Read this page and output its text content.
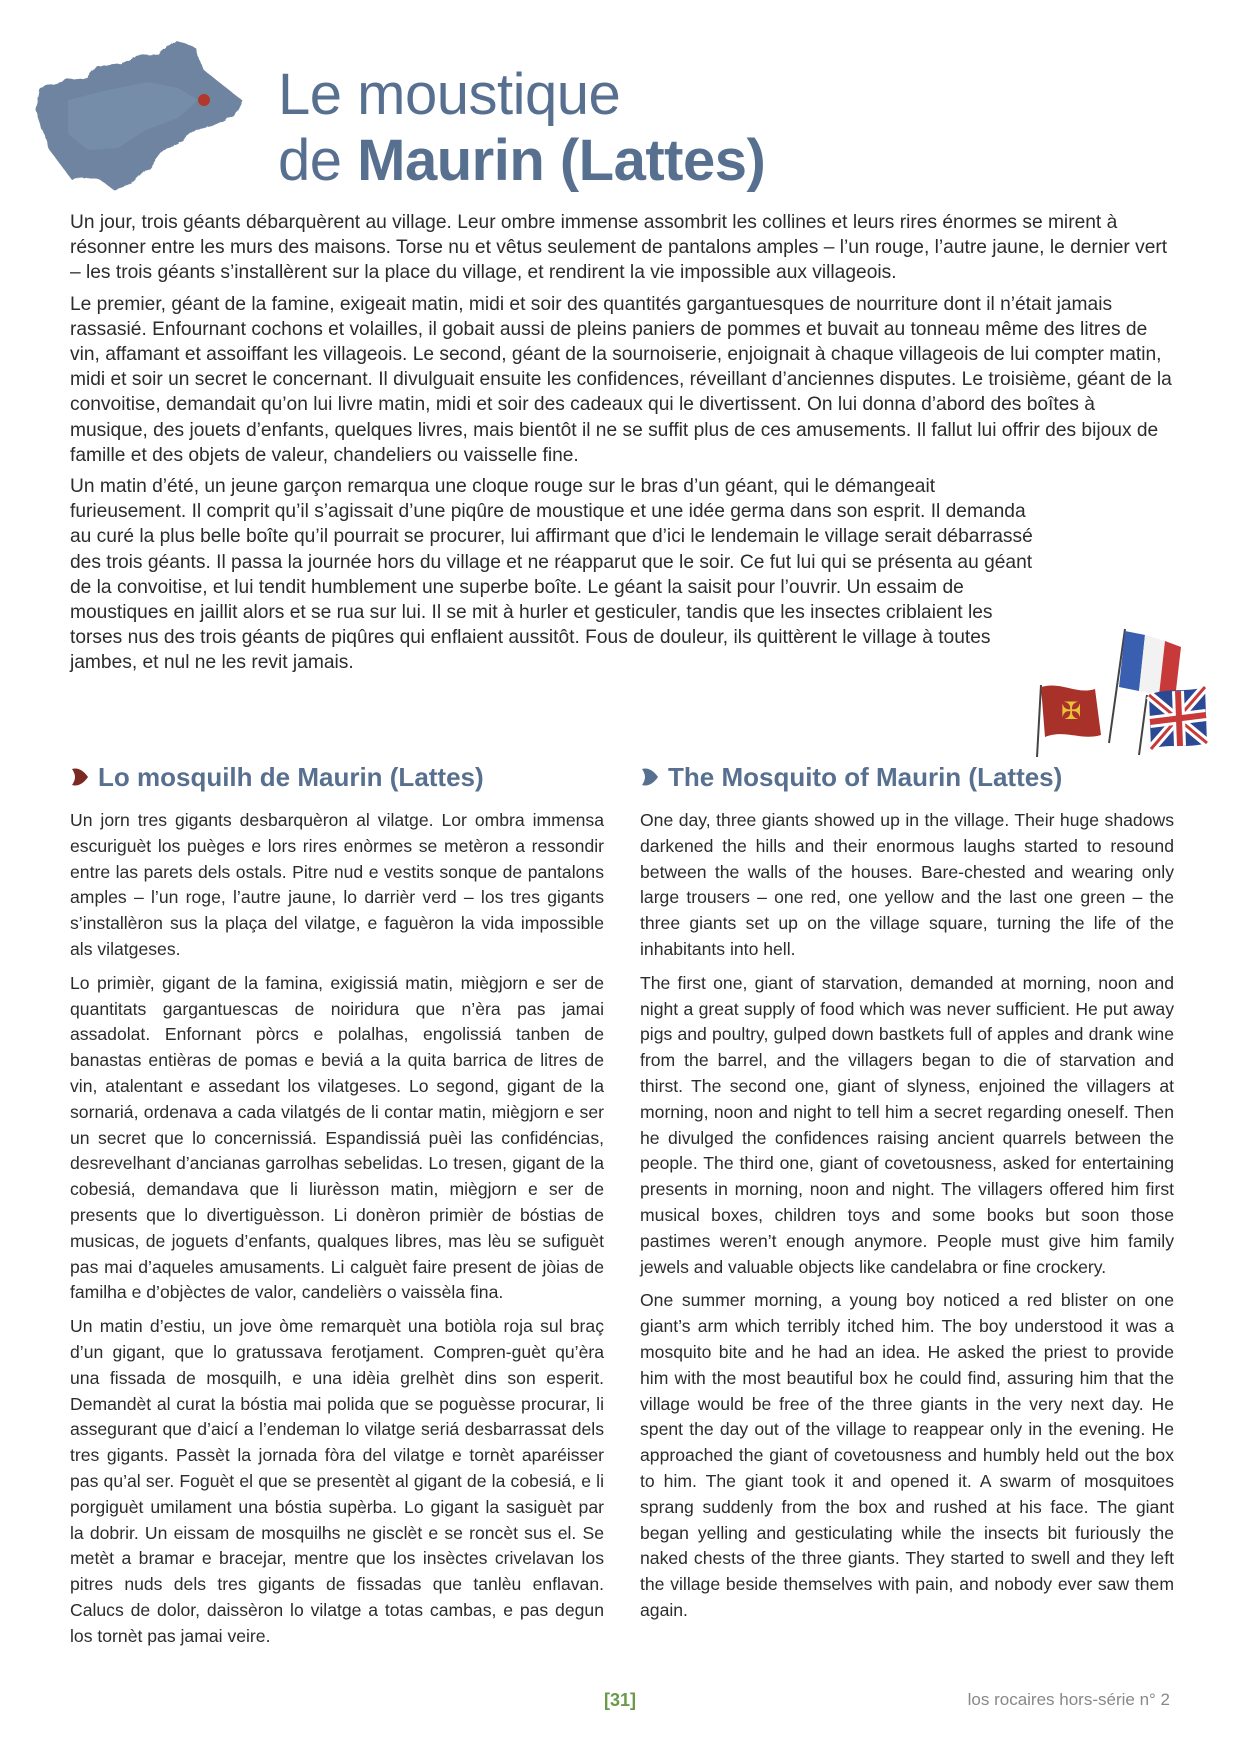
Le moustique
de Maurin (Lattes)

Un jour, trois géants débarquèrent au village. Leur ombre immense assombrit les collines et leurs rires énormes se mirent à résonner entre les murs des maisons. Torse nu et vêtus seulement de pantalons amples – l’un rouge, l’autre jaune, le dernier vert – les trois géants s’installèrent sur la place du village, et rendirent la vie impossible aux villageois.

Le premier, géant de la famine, exigeait matin, midi et soir des quantités gargantuesques de nourriture dont il n’était jamais rassasié. Enfournant cochons et volailles, il gobait aussi de pleins paniers de pommes et buvait au tonneau même des litres de vin, affamant et assoiffant les villageois. Le second, géant de la sournoiserie, enjoignait à chaque villageois de lui compter matin, midi et soir un secret le concernant. Il divulguait ensuite les confidences, réveillant d’anciennes disputes. Le troisième, géant de la convoitise, demandait qu’on lui livre matin, midi et soir des cadeaux qui le divertissent. On lui donna d’abord des boîtes à musique, des jouets d’enfants, quelques livres, mais bientôt il ne se suffit plus de ces amusements. Il fallut lui offrir des bijoux de famille et des objets de valeur, chandeliers ou vaisselle fine.

Un matin d’été, un jeune garçon remarqua une cloque rouge sur le bras d’un géant, qui le démangeait furieusement. Il comprit qu’il s’agissait d’une piqûre de moustique et une idée germa dans son esprit. Il demanda au curé la plus belle boîte qu’il pourrait se procurer, lui affirmant que d’ici le lendemain le village serait débarrassé des trois géants. Il passa la journée hors du village et ne réapparut que le soir. Ce fut lui qui se présenta au géant de la convoitise, et lui tendit humblement une superbe boîte. Le géant la saisit pour l’ouvrir. Un essaim de moustiques en jaillit alors et se rua sur lui. Il se mit à hurler et gesticuler, tandis que les insectes criblaient les torses nus des trois géants de piqûres qui enflaient aussitôt. Fous de douleur, ils quittèrent le village à toutes jambes, et nul ne les revit jamais.

✠
Lo mosquilh de Maurin (Lattes)

Un jorn tres gigants desbarquèron al vilatge. Lor ombra immensa escuriguèt los puèges e lors rires enòrmes se metèron a ressondir entre las parets dels ostals. Pitre nud e vestits sonque de pantalons amples – l’un roge, l’autre jaune, lo darrièr verd – los tres gigants s’installèron sus la plaça del vilatge, e faguèron la vida impossible als vilatgeses.

Lo primièr, gigant de la famina, exigissiá matin, miègjorn e ser de quantitats gargantuescas de noiridura que n’èra pas jamai assadolat. Enfornant pòrcs e polalhas, engolissiá tanben de banastas entièras de pomas e beviá a la quita barrica de litres de vin, atalentant e assedant los vilatgeses. Lo segond, gigant de la sornariá, ordenava a cada vilatgés de li contar matin, miègjorn e ser un secret que lo concernissiá. Espandissiá puèi las confidéncias, desrevelhant d’ancianas garrolhas sebelidas. Lo tresen, gigant de la cobesiá, demandava que li liurèsson matin, miègjorn e ser de presents que lo divertiguèsson. Li donèron primièr de bóstias de musicas, de joguets d’enfants, qualques libres, mas lèu se sufiguèt pas mai d’aqueles amusaments. Li calguèt faire present de jòias de familha e d’objèctes de valor, candelièrs o vaissèla fina.

Un matin d’estiu, un jove òme remarquèt una botiòla roja sul braç d’un gigant, que lo gratussava ferotjament. Compren-guèt qu’èra una fissada de mosquilh, e una idèia grelhèt dins son esperit. Demandèt al curat la bóstia mai polida que se poguèsse procurar, li assegurant que d’aicí a l’endeman lo vilatge seriá desbarrassat dels tres gigants. Passèt la jornada fòra del vilatge e tornèt aparéisser pas qu’al ser. Foguèt el que se presentèt al gigant de la cobesiá, e li porgiguèt umilament una bóstia supèrba. Lo gigant la sasiguèt par la dobrir. Un eissam de mosquilhs ne gisclèt e se roncèt sus el. Se metèt a bramar e bracejar, mentre que los insèctes crivelavan los pitres nuds dels tres gigants de fissadas que tanlèu enflavan. Calucs de dolor, daissèron lo vilatge a totas cambas, e pas degun los tornèt pas jamai veire.

The Mosquito of Maurin (Lattes)

One day, three giants showed up in the village. Their huge shadows darkened the hills and their enormous laughs started to resound between the walls of the houses. Bare-chested and wearing only large trousers – one red, one yellow and the last one green – the three giants set up on the village square, turning the life of the inhabitants into hell.

The first one, giant of starvation, demanded at morning, noon and night a great supply of food which was never sufficient. He put away pigs and poultry, gulped down bastkets full of apples and drank wine from the barrel, and the villagers began to die of starvation and thirst. The second one, giant of slyness, enjoined the villagers at morning, noon and night to tell him a secret regarding oneself. Then he divulged the confidences raising ancient quarrels between the people. The third one, giant of covetousness, asked for entertaining presents in morning, noon and night. The villagers offered him first musical boxes, children toys and some books but soon those pastimes weren’t enough anymore. People must give him family jewels and valuable objects like candelabra or fine crockery.

One summer morning, a young boy noticed a red blister on one giant’s arm which terribly itched him. The boy understood it was a mosquito bite and he had an idea. He asked the priest to provide him with the most beautiful box he could find, assuring him that the village would be free of the three giants in the very next day. He spent the day out of the village to reappear only in the evening. He approached the giant of covetousness and humbly held out the box to him. The giant took it and opened it. A swarm of mosquitoes sprang suddenly from the box and rushed at his face. The giant began yelling and gesticulating while the insects bit furiously the naked chests of the three giants. They started to swell and they left the village beside themselves with pain, and nobody ever saw them again.

[31]	los rocaires hors-série n° 2
